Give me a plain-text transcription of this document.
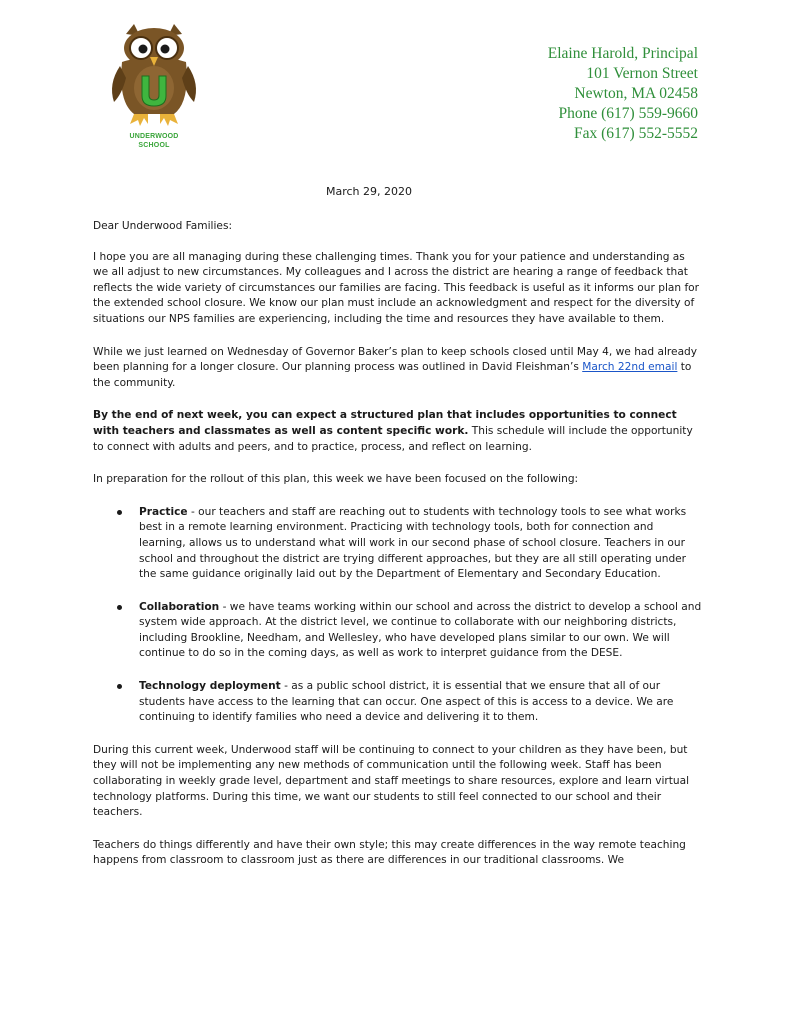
UNDERWOOD
SCHOOL
Elaine Harold, Principal
101 Vernon Street
Newton, MA 02458
Phone (617) 559-9660
Fax (617) 552-5552
March 29, 2020

Dear Underwood Families:

I hope you are all managing during these challenging times. Thank you for your patience and understanding as we all adjust to new circumstances. My colleagues and I across the district are hearing a range of feedback that reflects the wide variety of circumstances our families are facing. This feedback is useful as it informs our plan for the extended school closure. We know our plan must include an acknowledgment and respect for the diversity of situations our NPS families are experiencing, including the time and resources they have available to them.

While we just learned on Wednesday of Governor Baker’s plan to keep schools closed until May 4, we had already been planning for a longer closure. Our planning process was outlined in David Fleishman’s March 22nd email to the community.

By the end of next week, you can expect a structured plan that includes opportunities to connect with teachers and classmates as well as content specific work. This schedule will include the opportunity to connect with adults and peers, and to practice, process, and reflect on learning.

In preparation for the rollout of this plan, this week we have been focused on the following:

Practice - our teachers and staff are reaching out to students with technology tools to see what works best in a remote learning environment. Practicing with technology tools, both for connection and learning, allows us to understand what will work in our second phase of school closure. Teachers in our school and throughout the district are trying different approaches, but they are all still operating under the same guidance originally laid out by the Department of Elementary and Secondary Education.
Collaboration - we have teams working within our school and across the district to develop a school and system wide approach. At the district level, we continue to collaborate with our neighboring districts, including Brookline, Needham, and Wellesley, who have developed plans similar to our own. We will continue to do so in the coming days, as well as work to interpret guidance from the DESE.
Technology deployment - as a public school district, it is essential that we ensure that all of our students have access to the learning that can occur. One aspect of this is access to a device. We are continuing to identify families who need a device and delivering it to them.

During this current week, Underwood staff will be continuing to connect to your children as they have been, but they will not be implementing any new methods of communication until the following week. Staff has been collaborating in weekly grade level, department and staff meetings to share resources, explore and learn virtual technology platforms. During this time, we want our students to still feel connected to our school and their teachers.

Teachers do things differently and have their own style; this may create differences in the way remote teaching happens from classroom to classroom just as there are differences in our traditional classrooms. We
